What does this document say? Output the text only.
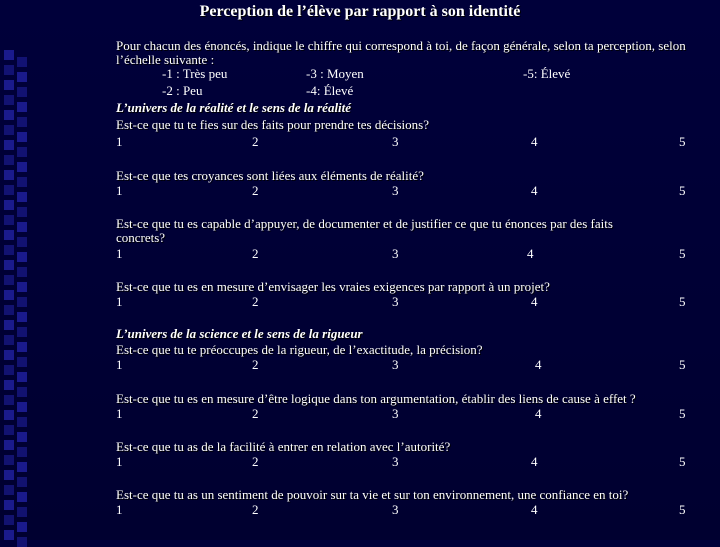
Perception de l’élève par rapport à son identité
Pour chacun des énoncés, indique le chiffre qui correspond à toi, de façon générale, selon ta perception, selon l’échelle suivante :
-1 : Très peu	-3 : Moyen	-5: Élevé
-2 : Peu	-4: Élevé
L’univers de la réalité et le sens de la réalité
Est-ce que tu te fies sur des faits pour prendre tes décisions?
1	2	3	4	5
Est-ce que tes croyances sont liées aux éléments de réalité?
1	2	3	4	5
Est-ce que tu es capable d’appuyer, de documenter et de justifier ce que tu énonces par des faits concrets?
1	2	3	4	5
Est-ce que tu es en mesure d’envisager les vraies exigences par rapport à un projet?
1	2	3	4	5
L’univers de la science et le sens de la rigueur
Est-ce que tu te préoccupes de la rigueur, de l’exactitude, la précision?
1	2	3	4	5
Est-ce que tu es en mesure d’être logique dans ton argumentation, établir des liens de cause à effet ?
1	2	3	4	5
Est-ce que tu as de la facilité à entrer en relation avec l’autorité?
1	2	3	4	5
Est-ce que tu as un sentiment de pouvoir sur ta vie et sur ton environnement, une confiance en toi?
1	2	3	4	5
